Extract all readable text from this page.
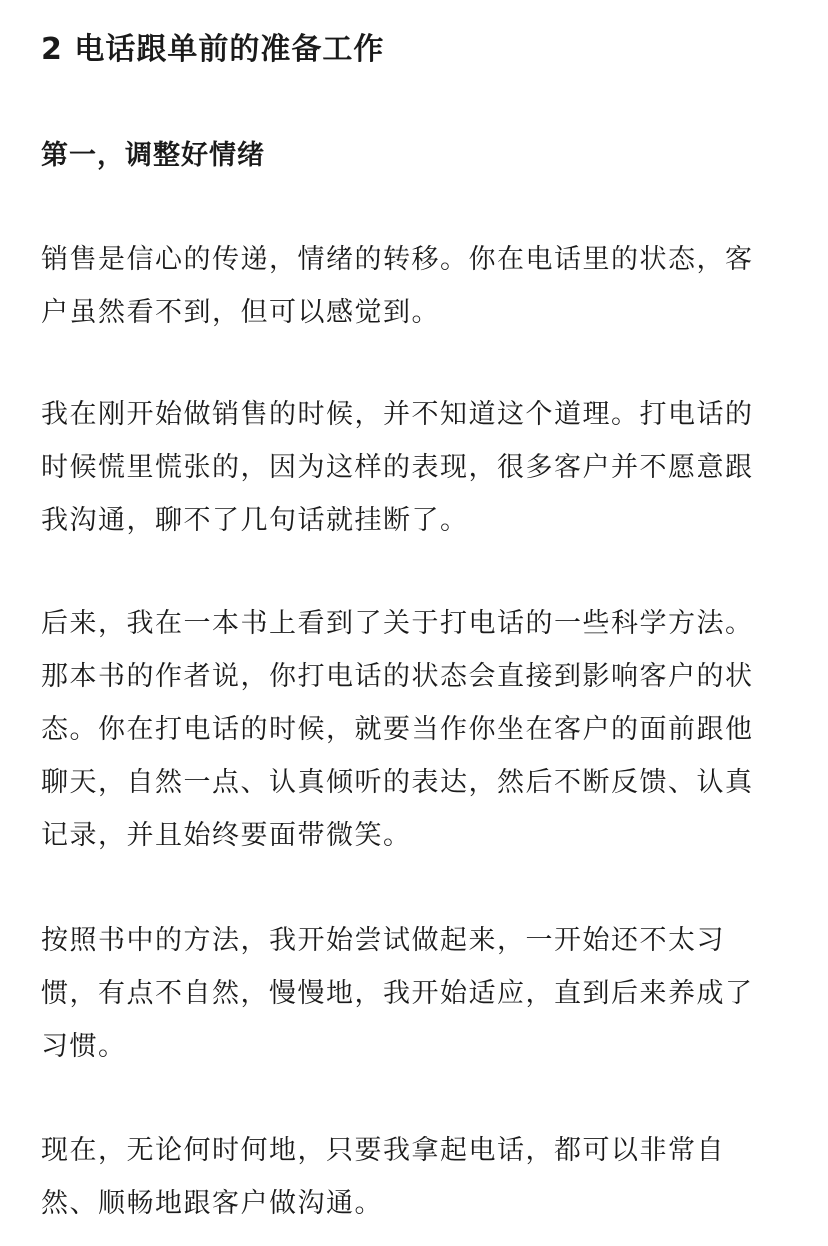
2 电话跟单前的准备工作
第一，调整好情绪

销售是信心的传递，情绪的转移。你在电话里的状态，客
户虽然看不到，但可以感觉到。

我在刚开始做销售的时候，并不知道这个道理。打电话的
时候慌里慌张的，因为这样的表现，很多客户并不愿意跟
我沟通，聊不了几句话就挂断了。

后来，我在一本书上看到了关于打电话的一些科学方法。
那本书的作者说，你打电话的状态会直接到影响客户的状
态。你在打电话的时候，就要当作你坐在客户的面前跟他
聊天，自然一点、认真倾听的表达，然后不断反馈、认真
记录，并且始终要面带微笑。

按照书中的方法，我开始尝试做起来，一开始还不太习
惯，有点不自然，慢慢地，我开始适应，直到后来养成了
习惯。

现在，无论何时何地，只要我拿起电话，都可以非常自
然、顺畅地跟客户做沟通。
